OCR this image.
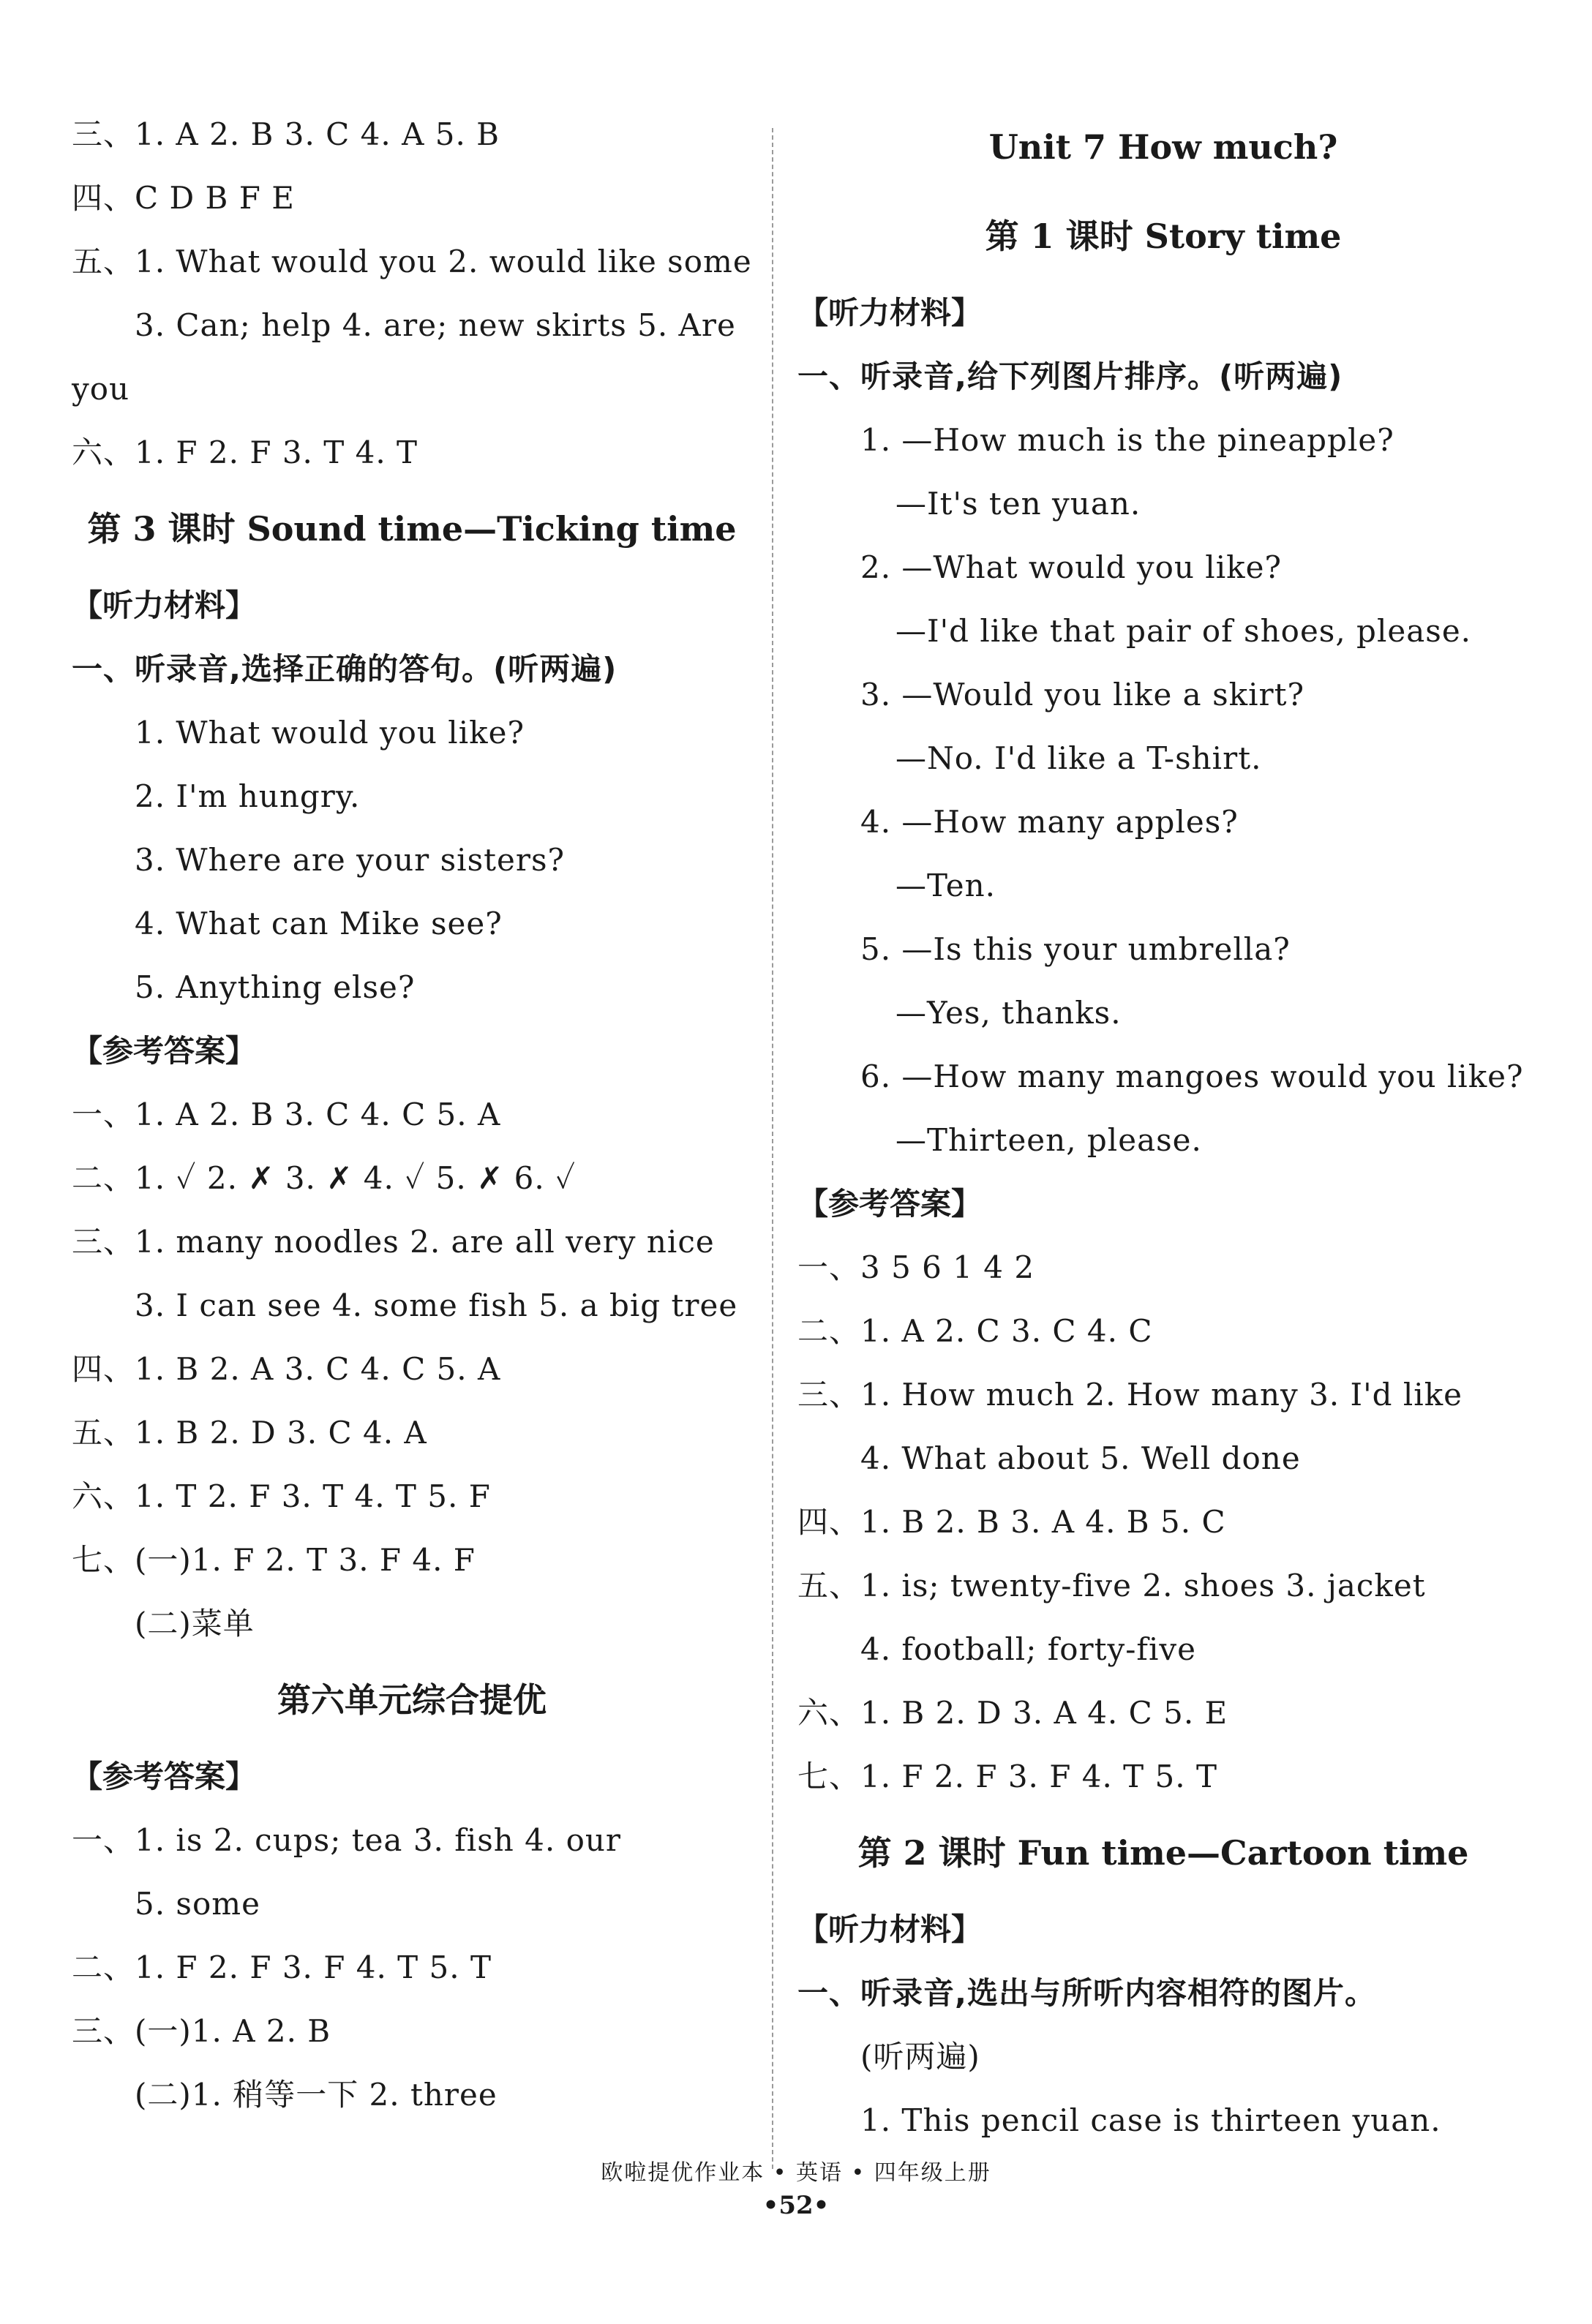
三、1. A 2. B 3. C 4. A 5. B
四、C D B F E
五、1. What would you 2. would like some
3. Can; help 4. are; new skirts 5. Are
you
六、1. F 2. F 3. T 4. T
第 3 课时 Sound time—Ticking time
【听力材料】
一、听录音,选择正确的答句。(听两遍)
1. What would you like?
2. I'm hungry.
3. Where are your sisters?
4. What can Mike see?
5. Anything else?
【参考答案】
一、1. A 2. B 3. C 4. C 5. A
二、1. ✓ 2. ✗ 3. ✗ 4. ✓ 5. ✗ 6. ✓
三、1. many noodles 2. are all very nice
3. I can see 4. some fish 5. a big tree
四、1. B 2. A 3. C 4. C 5. A
五、1. B 2. D 3. C 4. A
六、1. T 2. F 3. T 4. T 5. F
七、(一)1. F 2. T 3. F 4. F
(二)菜单
第六单元综合提优
【参考答案】
一、1. is 2. cups; tea 3. fish 4. our
5. some
二、1. F 2. F 3. F 4. T 5. T
三、(一)1. A 2. B
(二)1. 稍等一下 2. three
Unit 7 How much?
第 1 课时 Story time
【听力材料】
一、听录音,给下列图片排序。(听两遍)
1. —How much is the pineapple?
—It's ten yuan.
2. —What would you like?
—I'd like that pair of shoes, please.
3. —Would you like a skirt?
—No. I'd like a T-shirt.
4. —How many apples?
—Ten.
5. —Is this your umbrella?
—Yes, thanks.
6. —How many mangoes would you like?
—Thirteen, please.
【参考答案】
一、3 5 6 1 4 2
二、1. A 2. C 3. C 4. C
三、1. How much 2. How many 3. I'd like
4. What about 5. Well done
四、1. B 2. B 3. A 4. B 5. C
五、1. is; twenty-five 2. shoes 3. jacket
4. football; forty-five
六、1. B 2. D 3. A 4. C 5. E
七、1. F 2. F 3. F 4. T 5. T
第 2 课时 Fun time—Cartoon time
【听力材料】
一、听录音,选出与所听内容相符的图片。
(听两遍)
1. This pencil case is thirteen yuan.
欧啦提优作业本 • 英语 • 四年级上册
•52•
